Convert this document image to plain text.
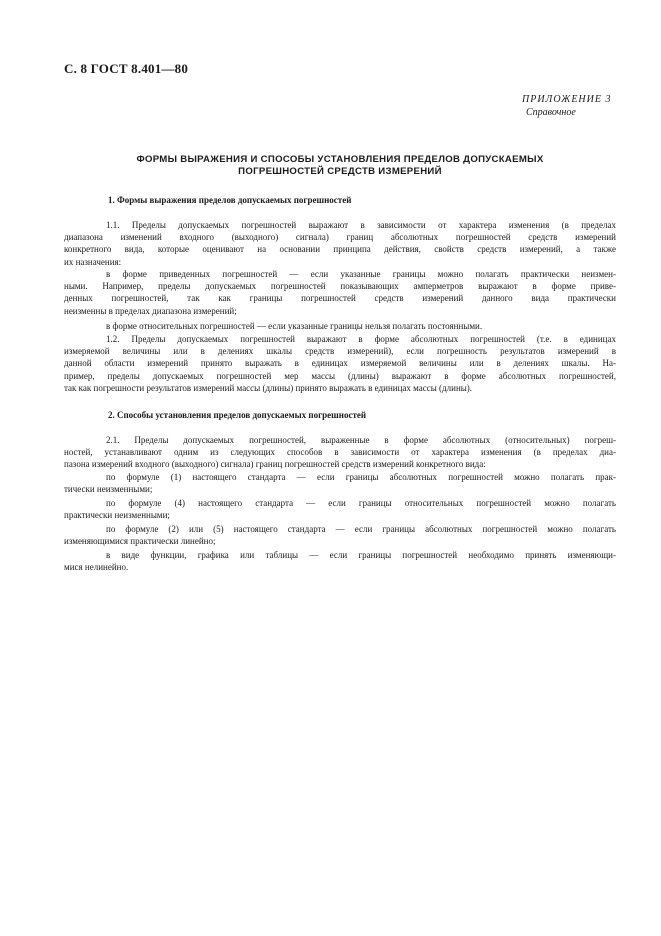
С. 8 ГОСТ 8.401—80
ПРИЛОЖЕНИЕ 3
Справочное
ФОРМЫ ВЫРАЖЕНИЯ И СПОСОБЫ УСТАНОВЛЕНИЯ ПРЕДЕЛОВ ДОПУСКАЕМЫХ
ПОГРЕШНОСТЕЙ СРЕДСТВ ИЗМЕРЕНИЙ
1. Формы выражения пределов допускаемых погрешностей
1.1. Пределы допускаемых погрешностей выражают в зависимости от характера изменения (в пределах
диапазона изменений входного (выходного) сигнала) границ абсолютных погрешностей средств измерений
конкретного вида, которые оценивают на основании принципа действия, свойств средств измерений, а также
их назначения:
в форме приведенных погрешностей — если указанные границы можно полагать практически неизмен-
ными. Например, пределы допускаемых погрешностей показывающих амперметров выражают в форме приве-
денных погрешностей, так как границы погрешностей средств измерений данного вида практически
неизменны в пределах диапазона измерений;
в форме относительных погрешностей — если указанные границы нельзя полагать постоянными.
1.2. Пределы допускаемых погрешностей выражают в форме абсолютных погрешностей (т.е. в единицах
измеряемой величины или в делениях шкалы средств измерений), если погрешность результатов измерений в
данной области измерений принято выражать в единицах измеряемой величины или в делениях шкалы. На-
пример, пределы допускаемых погрешностей мер массы (длины) выражают в форме абсолютных погрешностей,
так как погрешности результатов измерений массы (длины) принято выражать в единицах массы (длины).
2. Способы установления пределов допускаемых погрешностей
2.1. Пределы допускаемых погрешностей, выраженные в форме абсолютных (относительных) погреш-
ностей, устанавливают одним из следующих способов в зависимости от характера изменения (в пределах диа-
пазона измерений входного (выходного) сигнала) границ погрешностей средств измерений конкретного вида:
по формуле (1) настоящего стандарта — если границы абсолютных погрешностей можно полагать прак-
тически неизменными;
по формуле (4) настоящего стандарта — если границы относительных погрешностей можно полагать
практически неизменными;
по формуле (2) или (5) настоящего стандарта — если границы абсолютных погрешностей можно полагать
изменяющимися практически линейно;
в виде функции, графика или таблицы — если границы погрешностей необходимо принять изменяющи-
мися нелинейно.
